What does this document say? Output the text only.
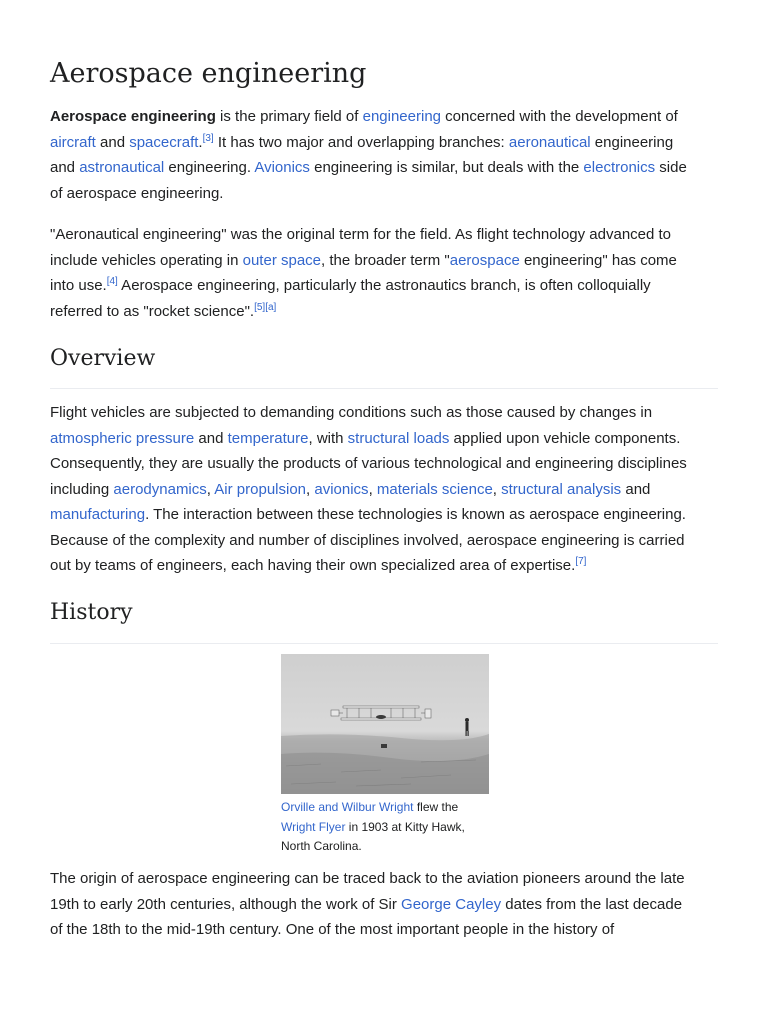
Aerospace engineering
Aerospace engineering is the primary field of engineering concerned with the development of
aircraft and spacecraft.[3] It has two major and overlapping branches: aeronautical engineering
and astronautical engineering. Avionics engineering is similar, but deals with the electronics side
of aerospace engineering.
"Aeronautical engineering" was the original term for the field. As flight technology advanced to
include vehicles operating in outer space, the broader term "aerospace engineering" has come
into use.[4] Aerospace engineering, particularly the astronautics branch, is often colloquially
referred to as "rocket science".[5][a]
Overview
Flight vehicles are subjected to demanding conditions such as those caused by changes in
atmospheric pressure and temperature, with structural loads applied upon vehicle components.
Consequently, they are usually the products of various technological and engineering disciplines
including aerodynamics, Air propulsion, avionics, materials science, structural analysis and
manufacturing. The interaction between these technologies is known as aerospace engineering.
Because of the complexity and number of disciplines involved, aerospace engineering is carried
out by teams of engineers, each having their own specialized area of expertise.[7]
History
Orville and Wilbur Wright flew the
Wright Flyer in 1903 at Kitty Hawk,
North Carolina.
The origin of aerospace engineering can be traced back to the aviation pioneers around the late
19th to early 20th centuries, although the work of Sir George Cayley dates from the last decade
of the 18th to the mid-19th century. One of the most important people in the history of
